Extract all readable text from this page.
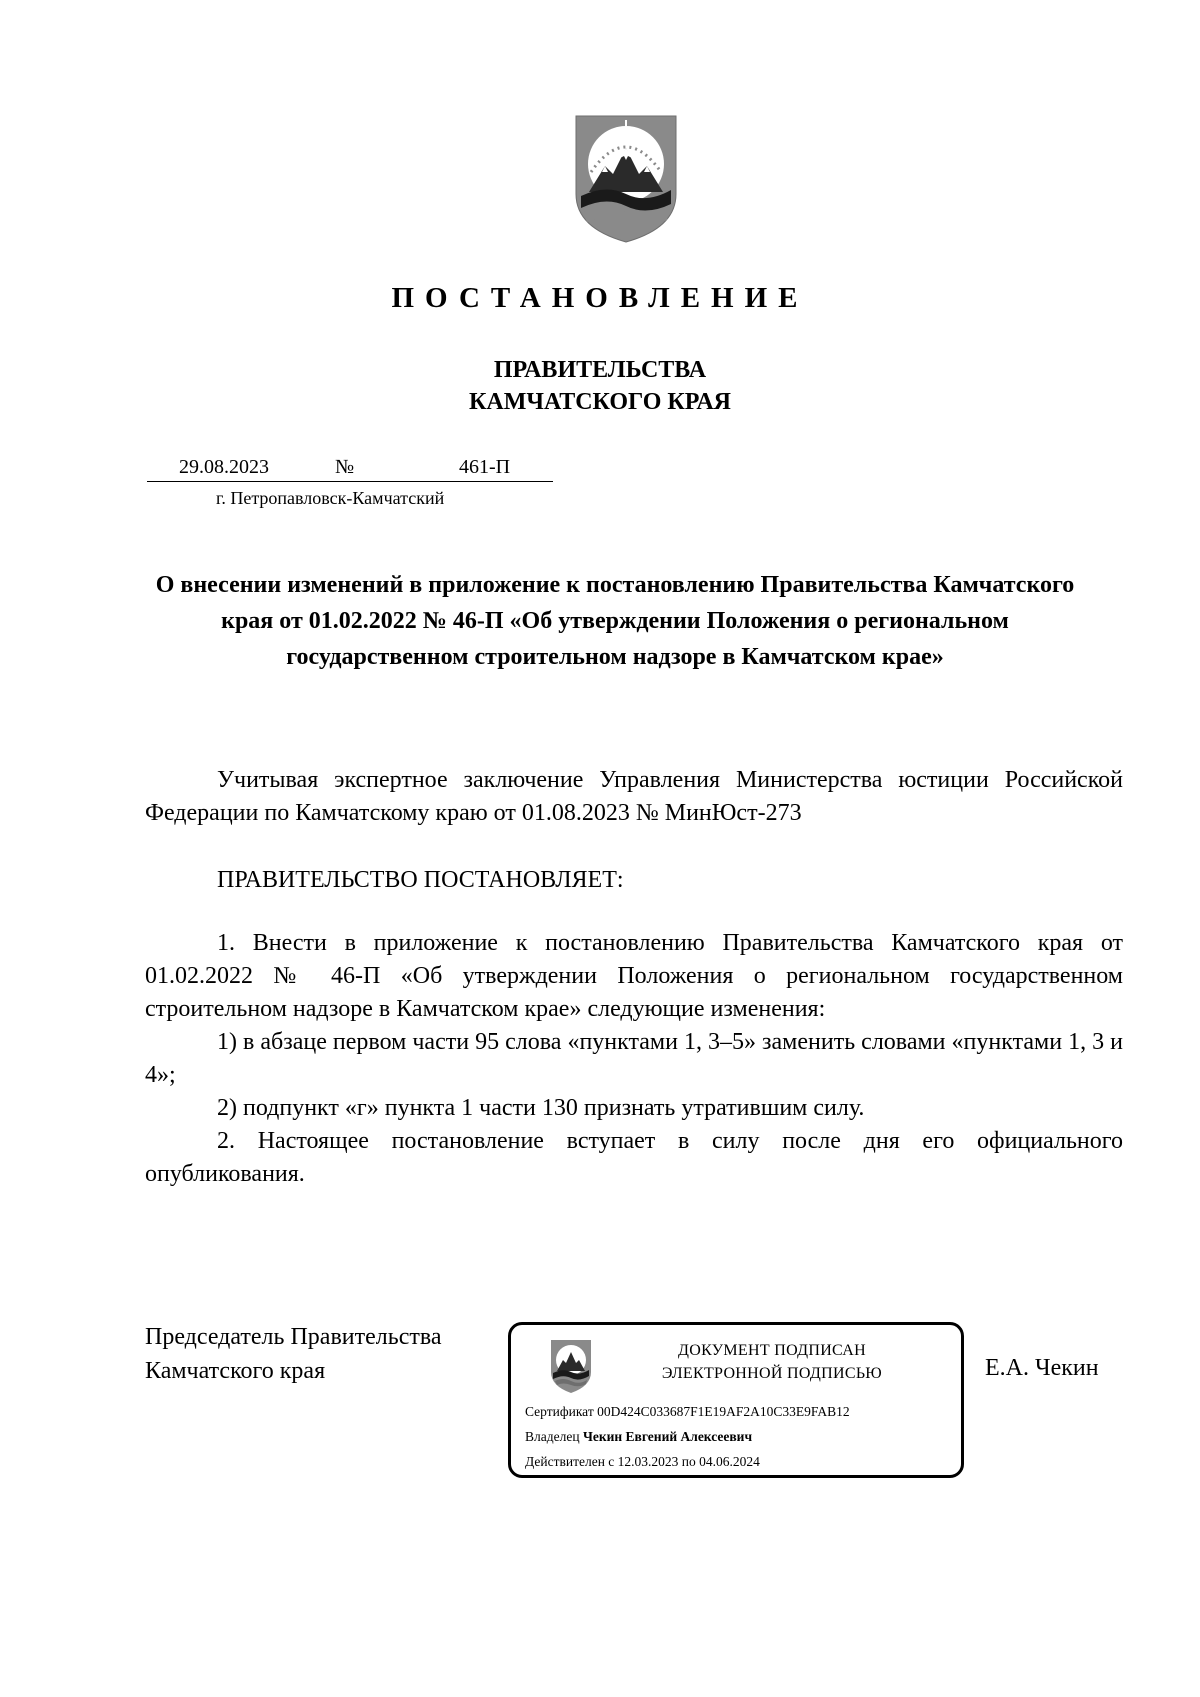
ПОСТАНОВЛЕНИЕ
ПРАВИТЕЛЬСТВА
КАМЧАТСКОГО КРАЯ
29.08.2023	№	461-П
г. Петропавловск-Камчатский
О внесении изменений в приложение к постановлению Правительства Камчатского края от 01.02.2022 № 46-П «Об утверждении Положения о региональном государственном строительном надзоре в Камчатском крае»

Учитывая экспертное заключение Управления Министерства юстиции Российской Федерации по Камчатскому краю от 01.08.2023 № МинЮст-273

ПРАВИТЕЛЬСТВО ПОСТАНОВЛЯЕТ:

1. Внести в приложение к постановлению Правительства Камчатского края от 01.02.2022 № 46-П «Об утверждении Положения о региональном государственном строительном надзоре в Камчатском крае» следующие изменения:

1) в абзаце первом части 95 слова «пунктами 1, 3–5» заменить словами «пунктами 1, 3 и 4»;

2) подпункт «г» пункта 1 части 130 признать утратившим силу.

2. Настоящее постановление вступает в силу после дня его официального опубликования.

Председатель Правительства
Камчатского края
ДОКУМЕНТ ПОДПИСАН
ЭЛЕКТРОННОЙ ПОДПИСЬЮ
Сертификат 00D424C033687F1E19AF2A10C33E9FAB12
Владелец Чекин Евгений Алексеевич
Действителен с 12.03.2023 по 04.06.2024
Е.А. Чекин
